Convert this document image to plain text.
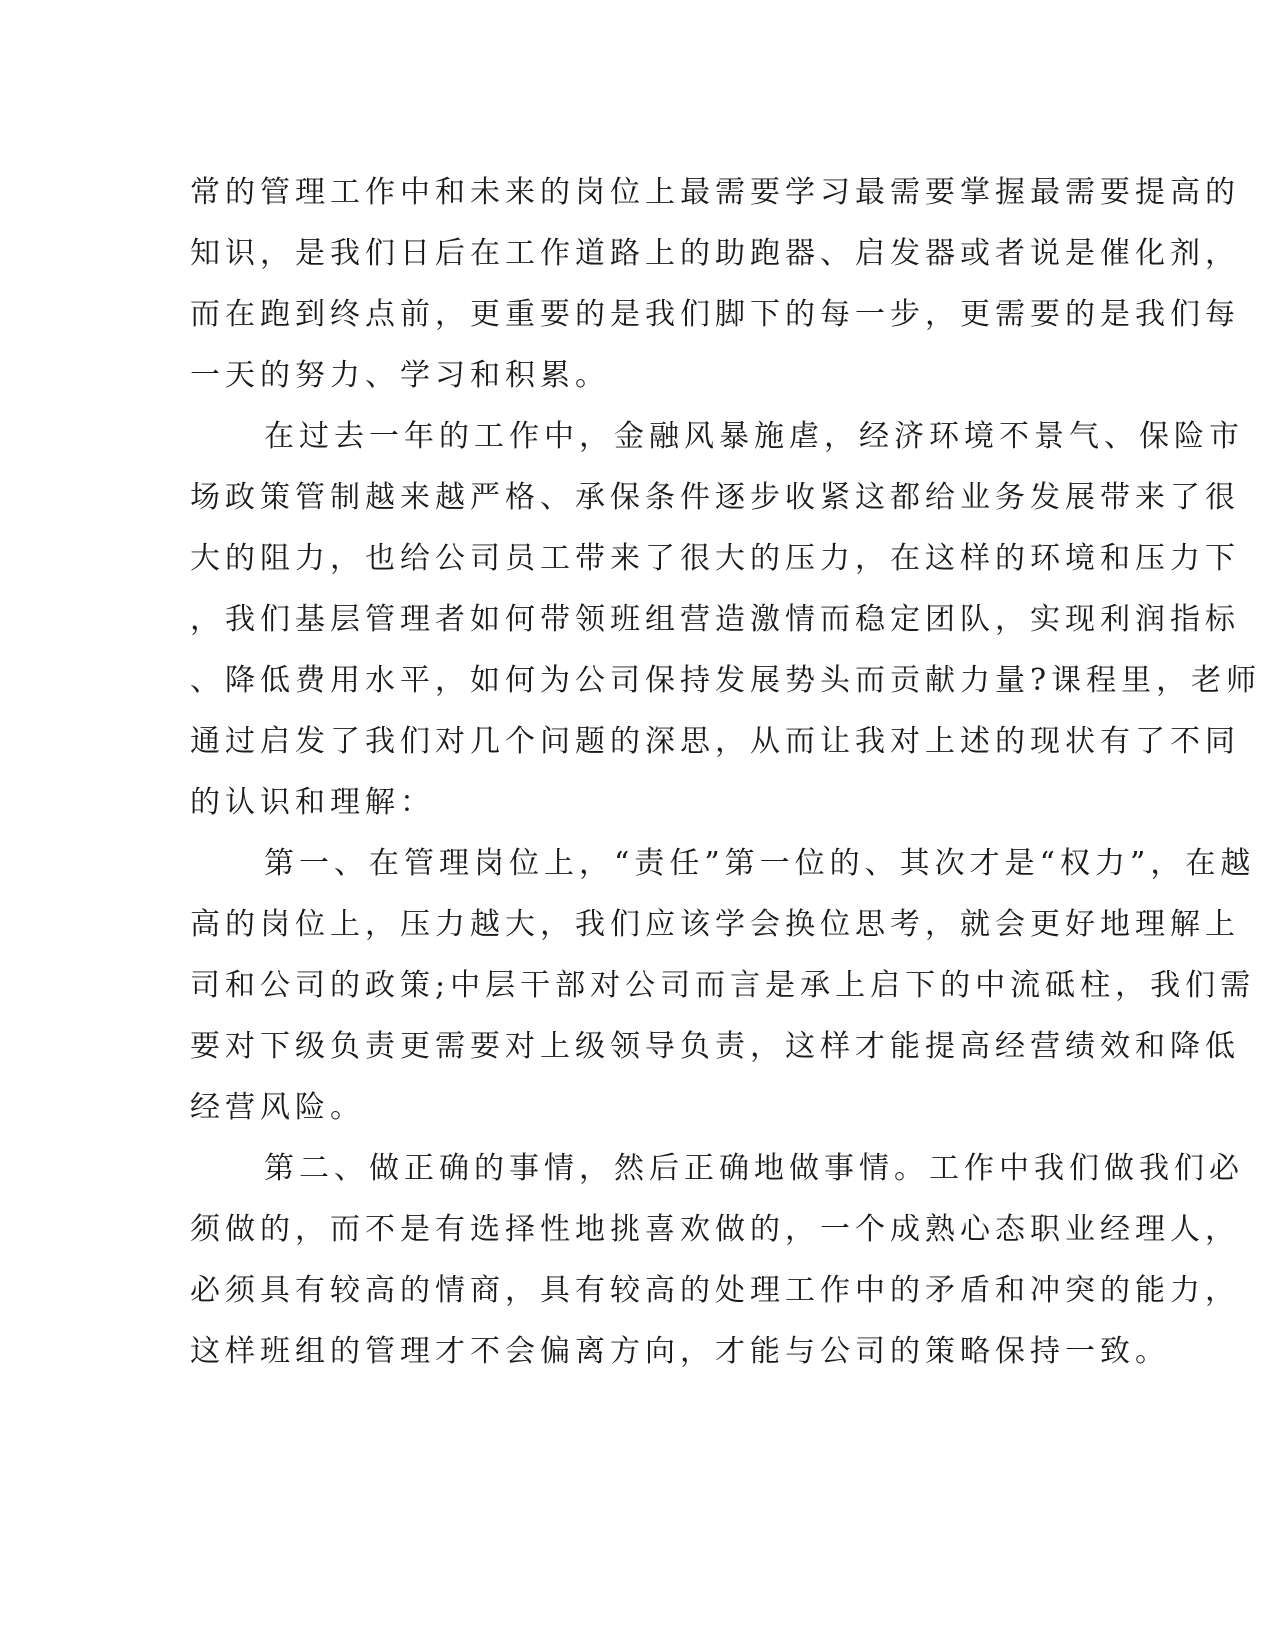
常的管理工作中和未来的岗位上最需要学习最需要掌握最需要提高的
知识，是我们日后在工作道路上的助跑器、启发器或者说是催化剂，
而在跑到终点前，更重要的是我们脚下的每一步，更需要的是我们每
一天的努力、学习和积累。
在过去一年的工作中，金融风暴施虐，经济环境不景气、保险市
场政策管制越来越严格、承保条件逐步收紧这都给业务发展带来了很
大的阻力，也给公司员工带来了很大的压力，在这样的环境和压力下
，我们基层管理者如何带领班组营造激情而稳定团队，实现利润指标
、降低费用水平，如何为公司保持发展势头而贡献力量?课程里，老师
通过启发了我们对几个问题的深思，从而让我对上述的现状有了不同
的认识和理解：
第一、在管理岗位上，“责任”第一位的、其次才是“权力”，在越
高的岗位上，压力越大，我们应该学会换位思考，就会更好地理解上
司和公司的政策;中层干部对公司而言是承上启下的中流砥柱，我们需
要对下级负责更需要对上级领导负责，这样才能提高经营绩效和降低
经营风险。
第二、做正确的事情，然后正确地做事情。工作中我们做我们必
须做的，而不是有选择性地挑喜欢做的，一个成熟心态职业经理人，
必须具有较高的情商，具有较高的处理工作中的矛盾和冲突的能力，
这样班组的管理才不会偏离方向，才能与公司的策略保持一致。
